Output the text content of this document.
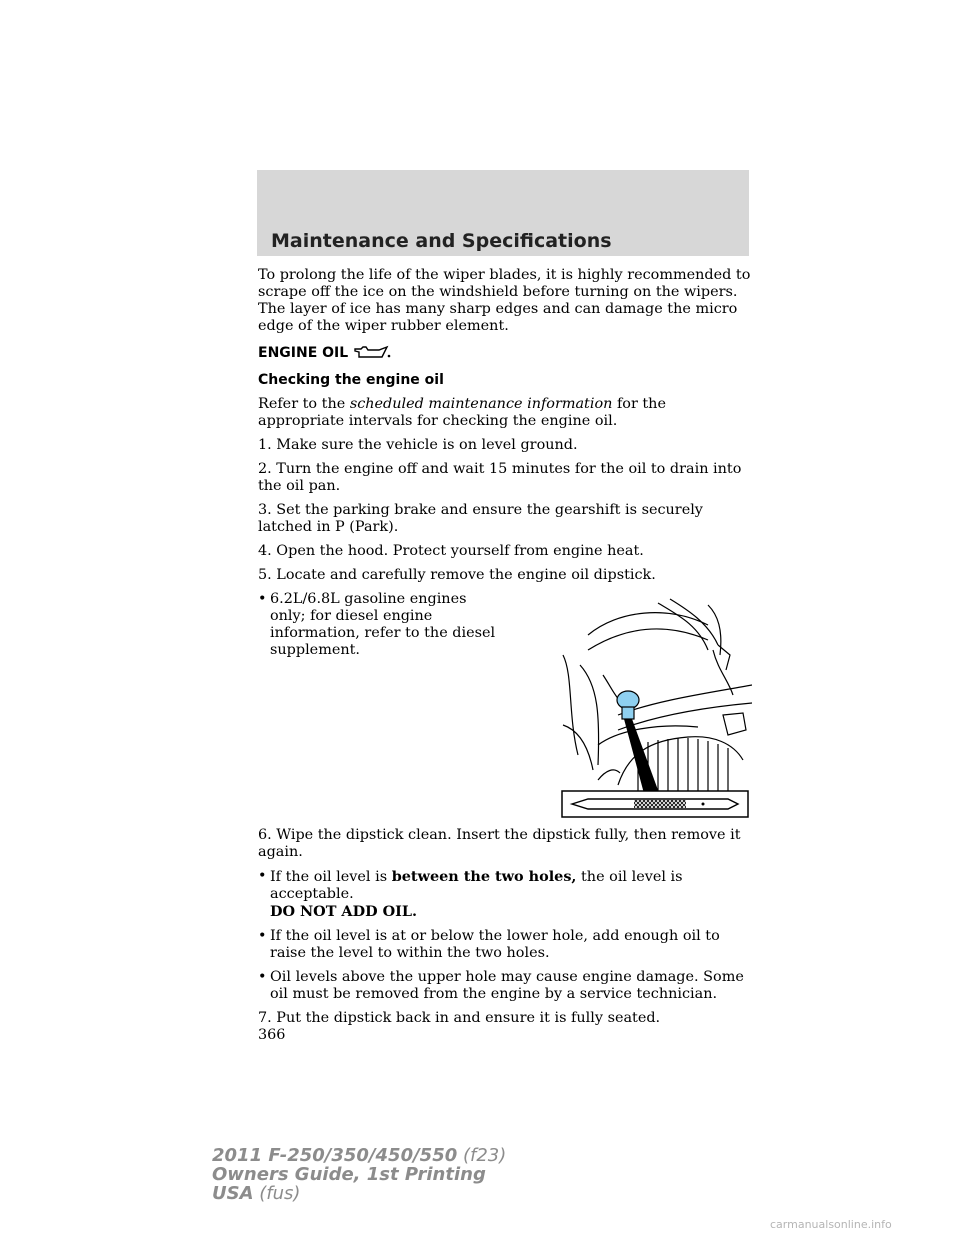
Maintenance and Specifications

To prolong the life of the wiper blades, it is highly recommended to scrape off the ice on the windshield before turning on the wipers. The layer of ice has many sharp edges and can damage the micro edge of the wiper rubber element.

ENGINE OIL

Checking the engine oil

Refer to the scheduled maintenance information for the appropriate intervals for checking the engine oil.

1. Make sure the vehicle is on level ground.

2. Turn the engine off and wait 15 minutes for the oil to drain into the oil pan.

3. Set the parking brake and ensure the gearshift is securely latched in P (Park).

4. Open the hood. Protect yourself from engine heat.

5. Locate and carefully remove the engine oil dipstick.

• 6.2L/6.8L gasoline engines only; for diesel engine information, refer to the diesel supplement.

6. Wipe the dipstick clean. Insert the dipstick fully, then remove it again.

• If the oil level is between the two holes, the oil level is acceptable.
DO NOT ADD OIL.
• If the oil level is at or below the lower hole, add enough oil to raise the level to within the two holes.
• Oil levels above the upper hole may cause engine damage. Some oil must be removed from the engine by a service technician.

7. Put the dipstick back in and ensure it is fully seated.

366
2011 F-250/350/450/550 (f23)
Owners Guide, 1st Printing
USA (fus)
carmanualsonline.info
